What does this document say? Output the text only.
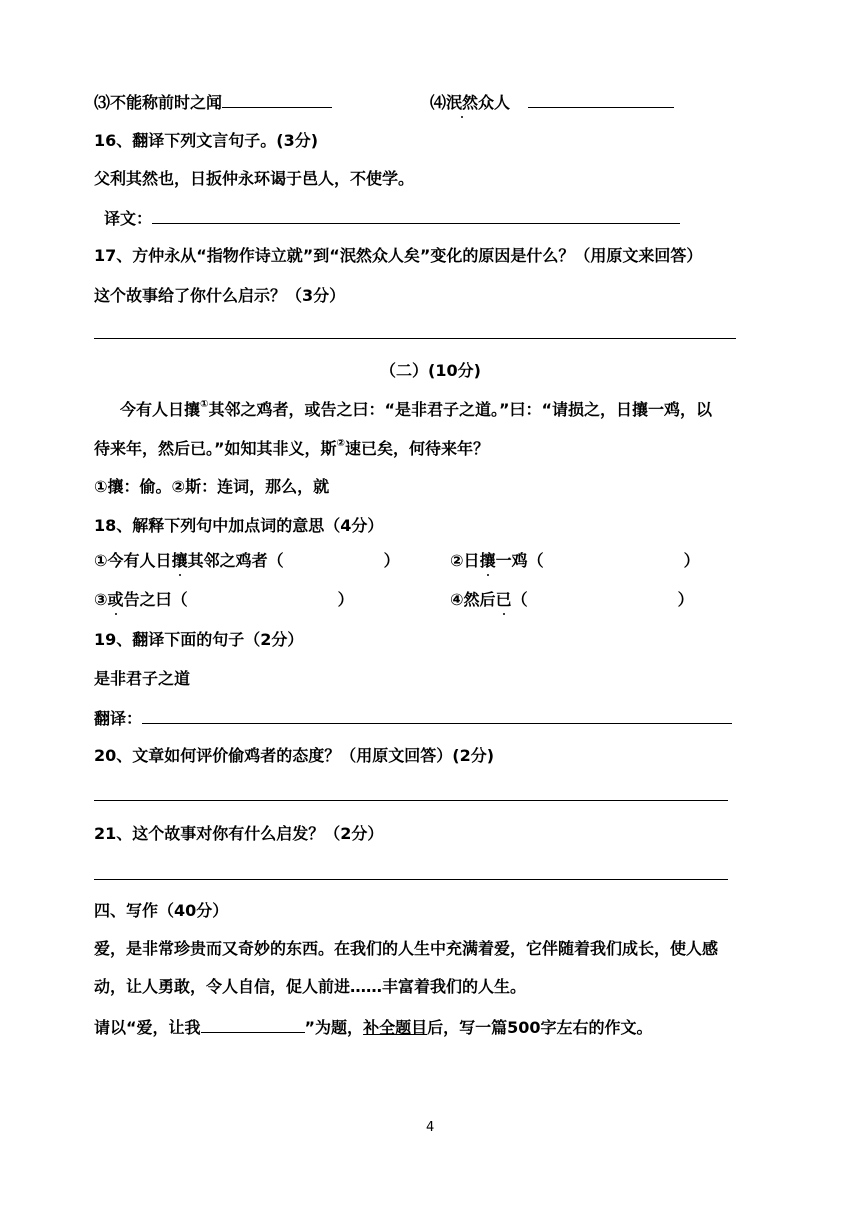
⑶不能称前时之闻	⑷泯然众人
16、翻译下列文言句子。(3分)
父利其然也，日扳仲永环谒于邑人，不使学。
译文：
17、方仲永从“指物作诗立就”到“泯然众人矣”变化的原因是什么？（用原文来回答）
这个故事给了你什么启示？（3分）
（二）(10分)
今有人日攘①其邻之鸡者，或告之曰：“是非君子之道。”曰：“请损之，日攘一鸡，以
待来年，然后已。”如知其非义，斯②速已矣，何待来年？
①攘：偷。②斯：连词，那么，就
18、解释下列句中加点词的意思（4分）
①今有人日攘其邻之鸡者（	）	②日攘一鸡（	）
③或告之曰（	）	④然后已（	）
19、翻译下面的句子（2分）
是非君子之道
翻译：
20、文章如何评价偷鸡者的态度？（用原文回答）(2分)
21、这个故事对你有什么启发？（2分）
四、写作（40分）
爱，是非常珍贵而又奇妙的东西。在我们的人生中充满着爱，它伴随着我们成长，使人感
动，让人勇敢，令人自信，促人前进……丰富着我们的人生。
请以“爱，让我	”为题，补全题目后，写一篇500字左右的作文。
4
